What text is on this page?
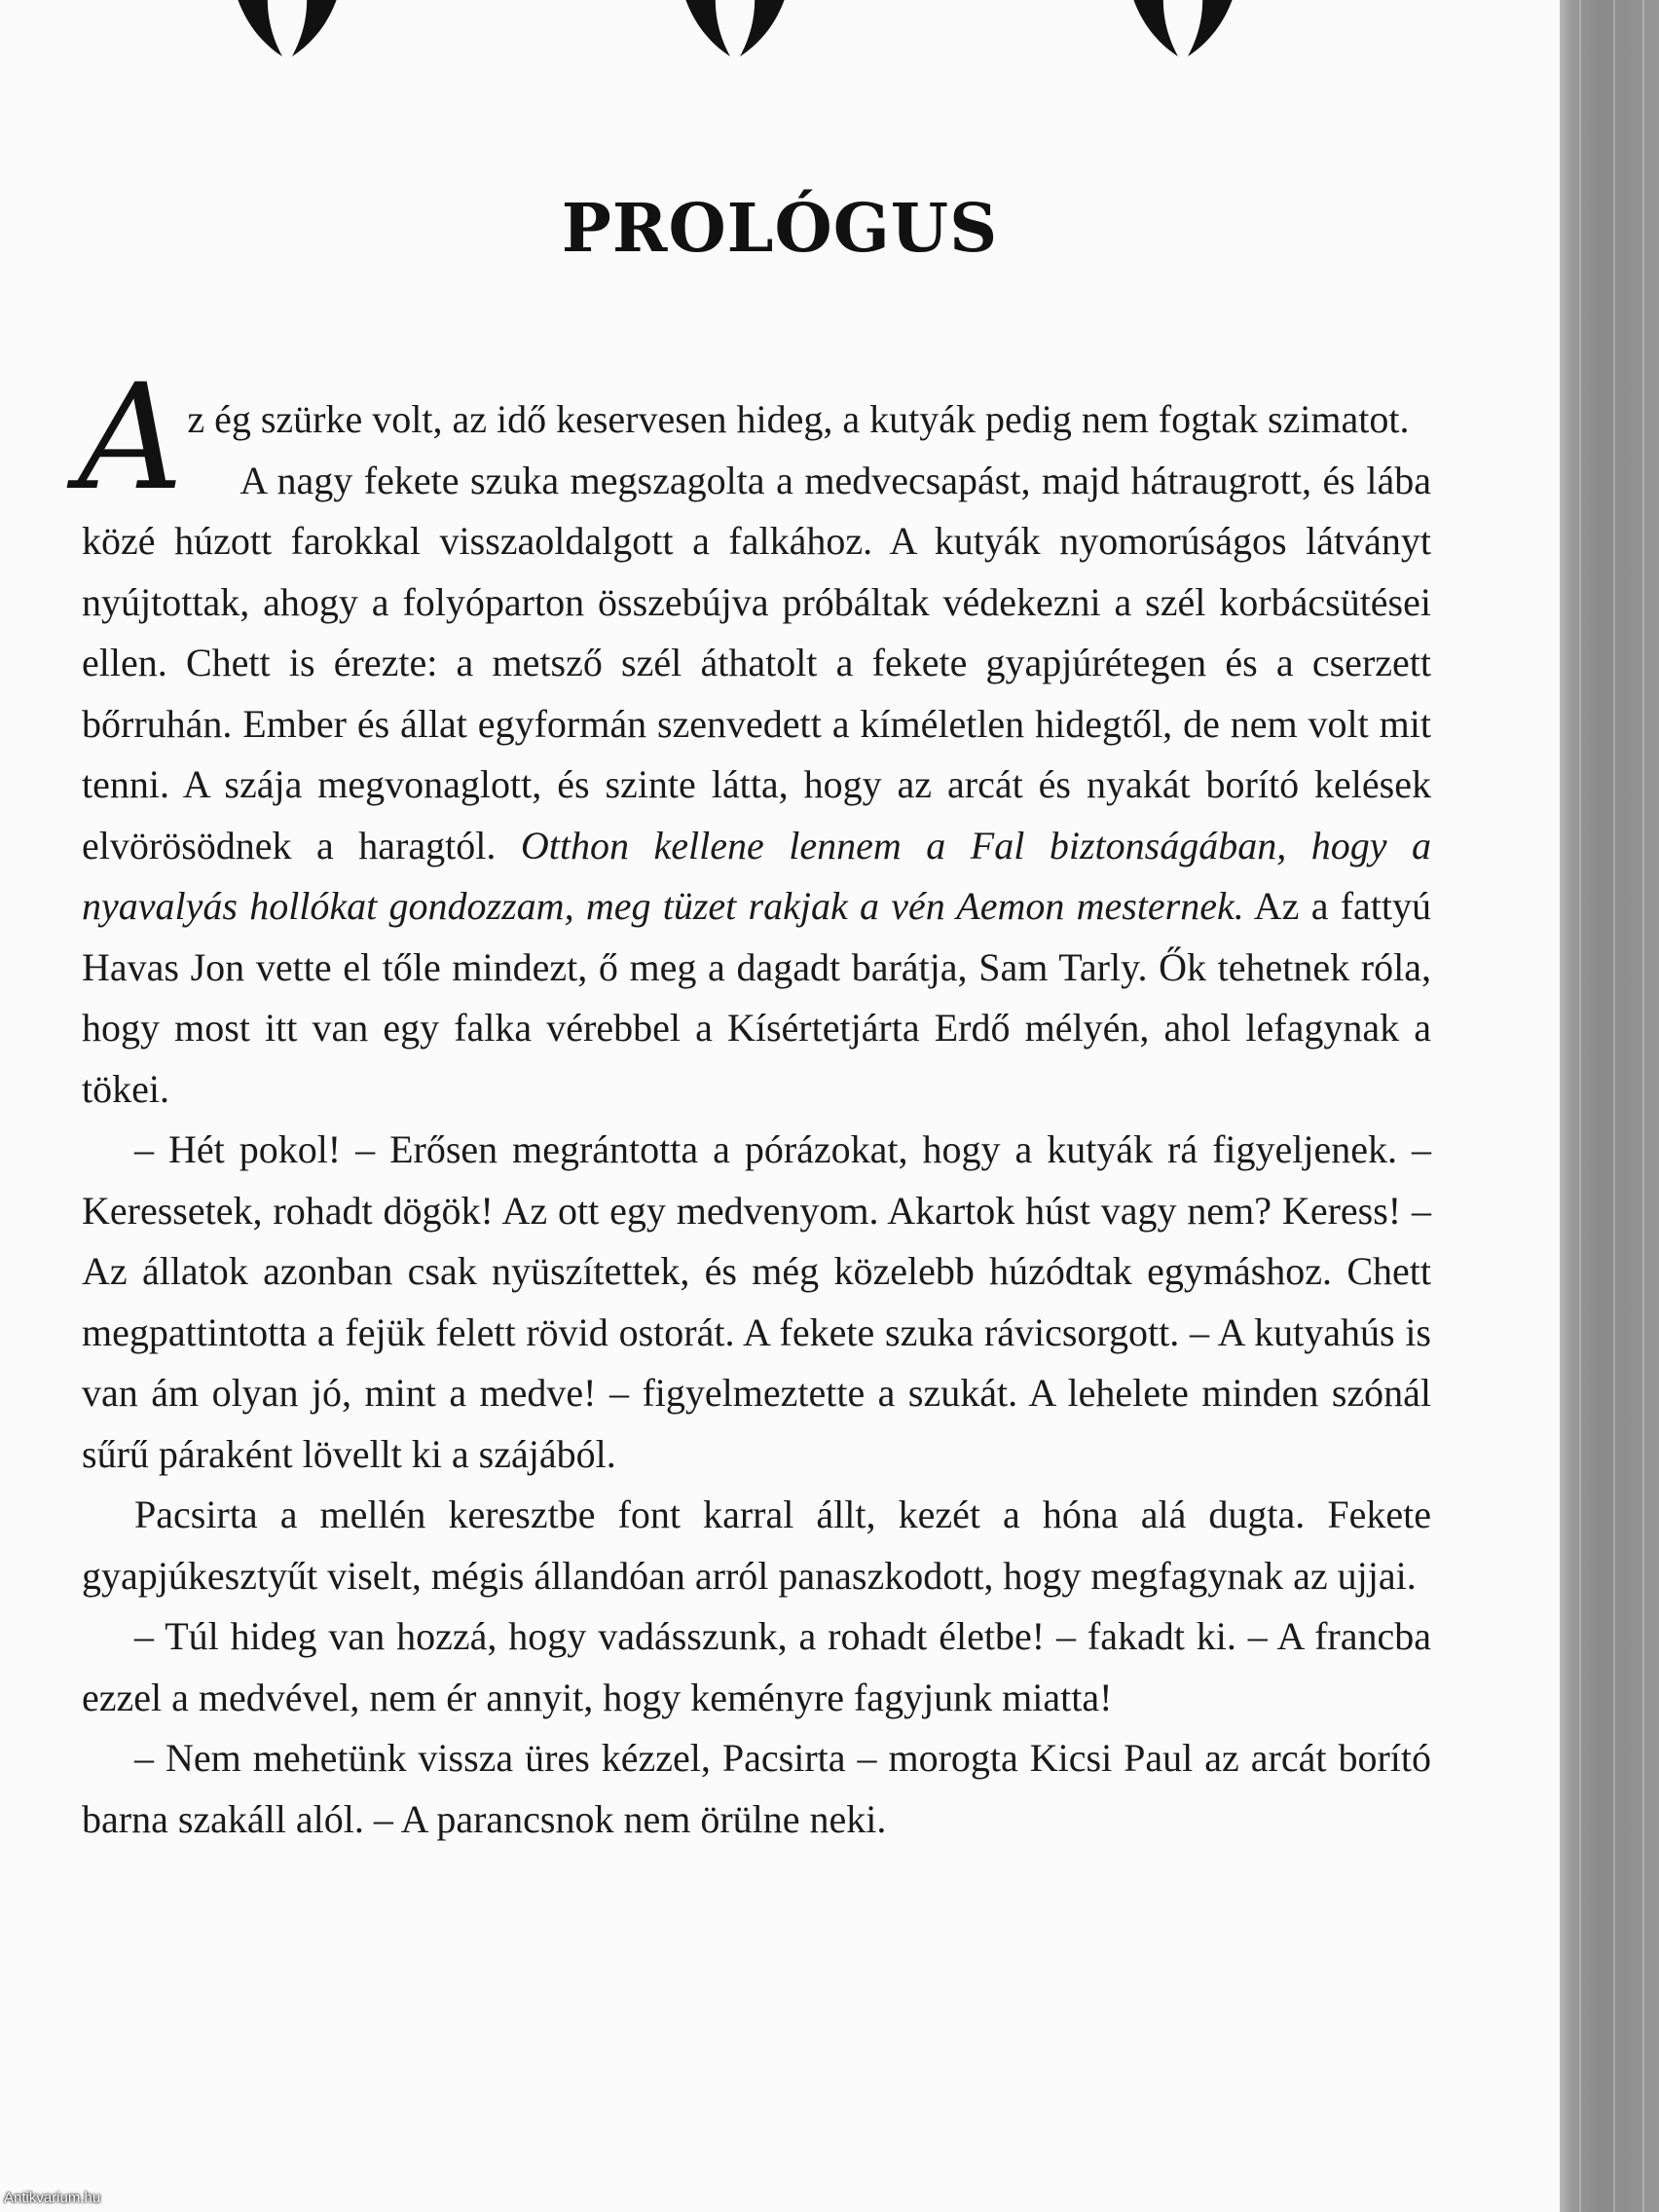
PROLÓGUS

Az ég szürke volt, az idő keservesen hideg, a kutyák pedig nem fogtak szimatot.

A nagy fekete szuka megszagolta a medvecsapást, majd hátraugrott, és lába közé húzott farokkal visszaoldalgott a falkához. A kutyák nyomorúságos látványt nyújtottak, ahogy a folyóparton összebújva próbáltak védekezni a szél korbácsütései ellen. Chett is érezte: a metsző szél áthatolt a fekete gyapjúrétegen és a cserzett bőrruhán. Ember és állat egyformán szenvedett a kíméletlen hidegtől, de nem volt mit tenni. A szája megvonaglott, és szinte látta, hogy az arcát és nyakát borító kelések elvörösödnek a haragtól. Otthon kellene lennem a Fal biztonságában, hogy a nyavalyás hollókat gondozzam, meg tüzet rakjak a vén Aemon mesternek. Az a fattyú Havas Jon vette el tőle mindezt, ő meg a dagadt barátja, Sam Tarly. Ők tehetnek róla, hogy most itt van egy falka vérebbel a Kísértetjárta Erdő mélyén, ahol lefagynak a tökei.

– Hét pokol! – Erősen megrántotta a pórázokat, hogy a kutyák rá figyeljenek. – Keressetek, rohadt dögök! Az ott egy medvenyom. Akartok húst vagy nem? Keress! – Az állatok azonban csak nyüszítettek, és még közelebb húzódtak egymáshoz. Chett megpattintotta a fejük felett rövid ostorát. A fekete szuka rávicsorgott. – A kutyahús is van ám olyan jó, mint a medve! – figyelmeztette a szukát. A lehelete minden szónál sűrű páraként lövellt ki a szájából.

Pacsirta a mellén keresztbe font karral állt, kezét a hóna alá dugta. Fekete gyapjúkesztyűt viselt, mégis állandóan arról panaszkodott, hogy megfagynak az ujjai.

– Túl hideg van hozzá, hogy vadásszunk, a rohadt életbe! – fakadt ki. – A francba ezzel a medvével, nem ér annyit, hogy keményre fagyjunk miatta!

– Nem mehetünk vissza üres kézzel, Pacsirta – morogta Kicsi Paul az arcát borító barna szakáll alól. – A parancsnok nem örülne neki.

Antikvarium.hu
